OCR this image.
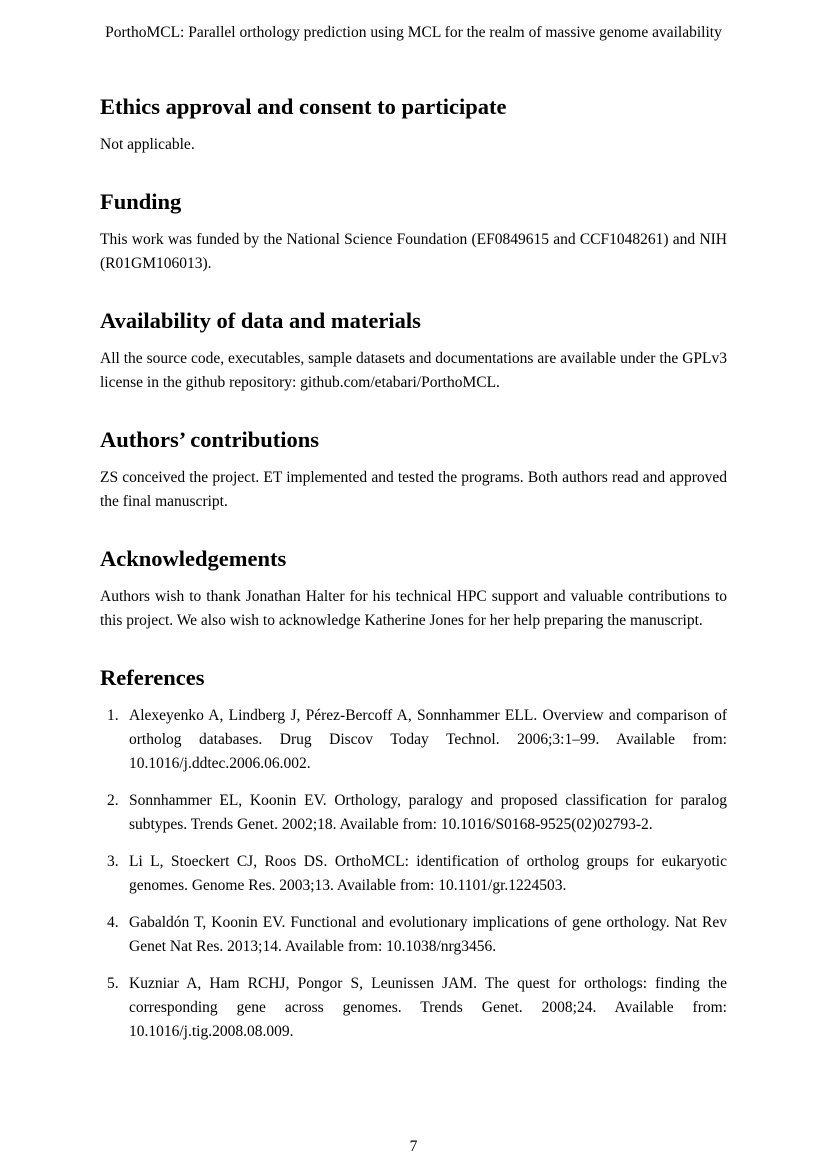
PorthoMCL: Parallel orthology prediction using MCL for the realm of massive genome availability
Ethics approval and consent to participate

Not applicable.

Funding

This work was funded by the National Science Foundation (EF0849615 and CCF1048261) and NIH (R01GM106013).

Availability of data and materials

All the source code, executables, sample datasets and documentations are available under the GPLv3 license in the github repository: github.com/etabari/PorthoMCL.

Authors’ contributions

ZS conceived the project. ET implemented and tested the programs. Both authors read and approved the final manuscript.

Acknowledgements

Authors wish to thank Jonathan Halter for his technical HPC support and valuable contributions to this project. We also wish to acknowledge Katherine Jones for her help preparing the manuscript.

References
1. Alexeyenko A, Lindberg J, Pérez-Bercoff A, Sonnhammer ELL. Overview and comparison of ortholog databases. Drug Discov Today Technol. 2006;3:1–99. Available from: 10.1016/j.ddtec.2006.06.002.
2. Sonnhammer EL, Koonin EV. Orthology, paralogy and proposed classification for paralog subtypes. Trends Genet. 2002;18. Available from: 10.1016/S0168-9525(02)02793-2.
3. Li L, Stoeckert CJ, Roos DS. OrthoMCL: identification of ortholog groups for eukaryotic genomes. Genome Res. 2003;13. Available from: 10.1101/gr.1224503.
4. Gabaldón T, Koonin EV. Functional and evolutionary implications of gene orthology. Nat Rev Genet Nat Res. 2013;14. Available from: 10.1038/nrg3456.
5. Kuzniar A, Ham RCHJ, Pongor S, Leunissen JAM. The quest for orthologs: finding the corresponding gene across genomes. Trends Genet. 2008;24. Available from: 10.1016/j.tig.2008.08.009.
7
